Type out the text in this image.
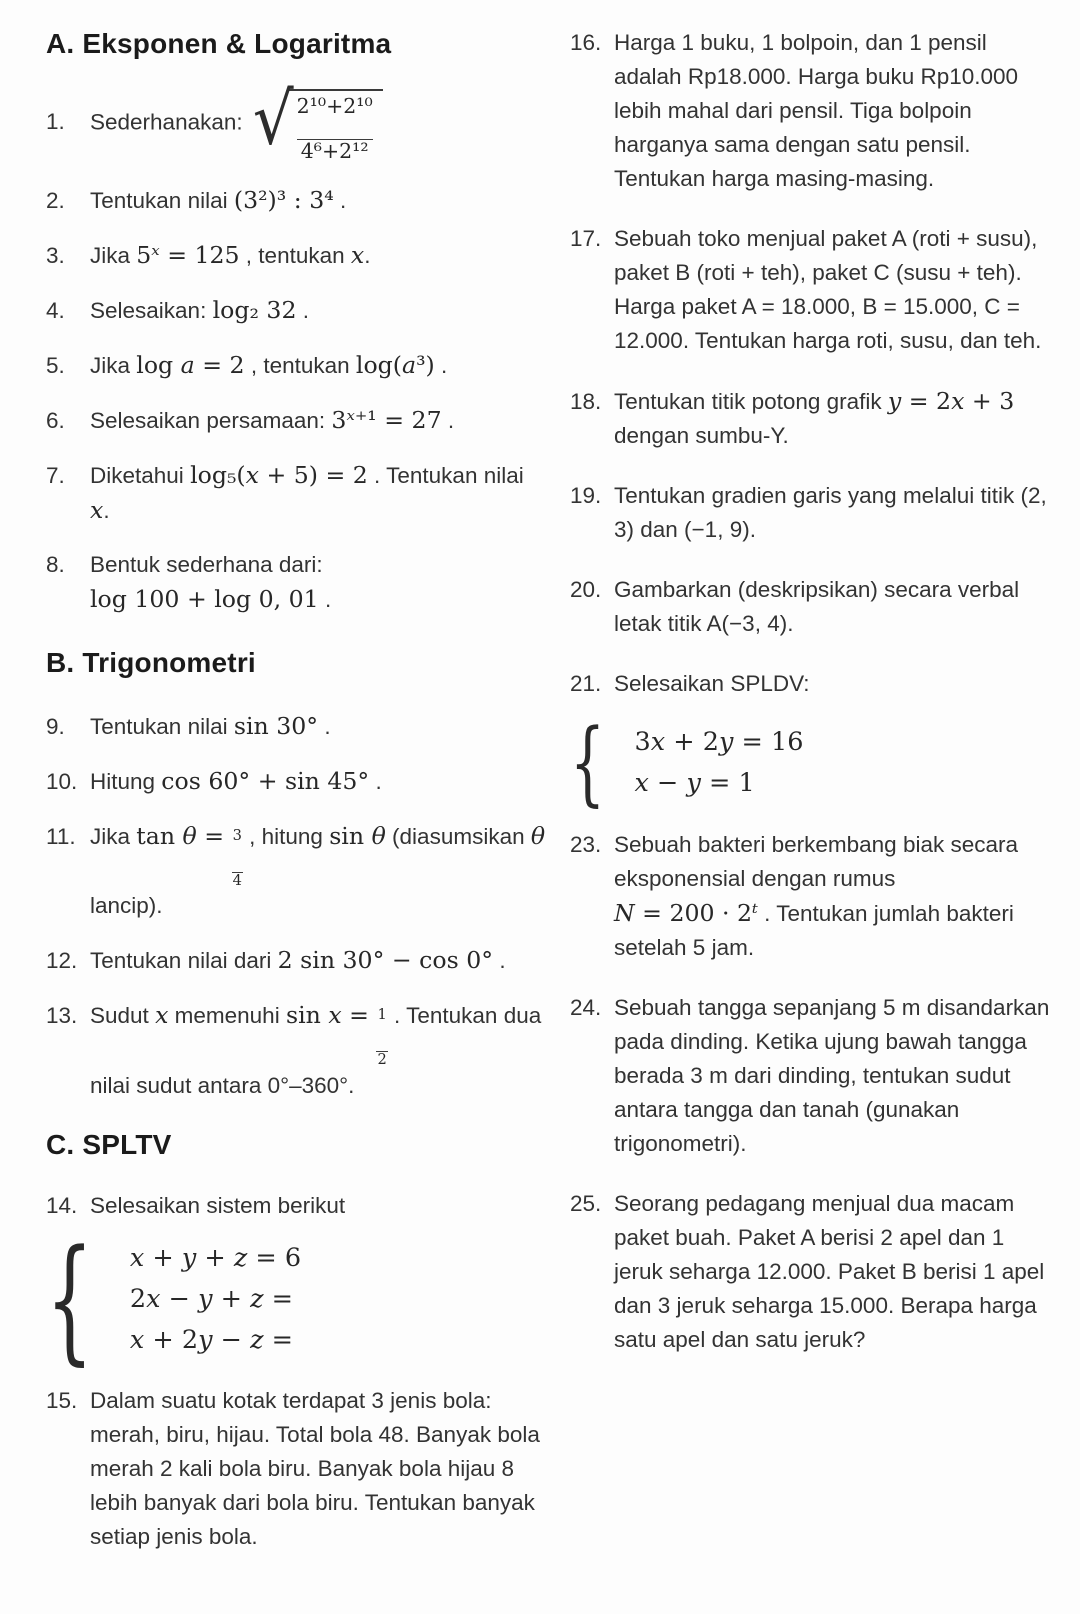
A. Eksponen & Logaritma
1.	Sederhanakan: √ 2¹⁰+2¹⁰
4⁶+2¹²
2.	Tentukan nilai (3²)³ : 3⁴ .
3.	Jika 5ˣ = 125 , tentukan x.
4.	Selesaikan: log₂ 32 .
5.	Jika log a = 2 , tentukan log(a³) .
6.	Selesaikan persamaan: 3ˣ⁺¹ = 27 .
7.	Diketahui log₅(x + 5) = 2 . Tentukan nilai x.
8.	Bentuk sederhana dari:
log 100 + log 0, 01 .
B. Trigonometri
9.	Tentukan nilai sin 30° .
10. Hitung cos 60° + sin 45° .
11. Jika $\tan \theta = \frac{3}{4}$ , hitung sin θ (diasumsikan θ lancip).
12. Tentukan nilai dari 2 sin 30° − cos 0° .
13. Sudut x memenuhi $\sin x = \frac{1}{2}$ . Tentukan dua nilai sudut antara 0°–360°.
C. SPLTV
14. Selesaikan sistem berikut
{ x + y + z = 6
2x − y + z =
x + 2y − z =
15. Dalam suatu kotak terdapat 3 jenis bola: merah, biru, hijau. Total bola 48. Banyak bola merah 2 kali bola biru. Banyak bola hijau 8 lebih banyak dari bola biru. Tentukan banyak setiap jenis bola.
16. Harga 1 buku, 1 bolpoin, dan 1 pensil adalah Rp18.000. Harga buku Rp10.000 lebih mahal dari pensil. Tiga bolpoin harganya sama dengan satu pensil. Tentukan harga masing-masing.
17. Sebuah toko menjual paket A (roti + susu), paket B (roti + teh), paket C (susu + teh). Harga paket A = 18.000, B = 15.000, C = 12.000. Tentukan harga roti, susu, dan teh.
18. Tentukan titik potong grafik y = 2x + 3 dengan sumbu-Y.
19. Tentukan gradien garis yang melalui titik (2, 3) dan (−1, 9).
20. Gambarkan (deskripsikan) secara verbal letak titik A(−3, 4).
21. Selesaikan SPLDV:
{ 3x + 2y = 16
x − y = 1
23. Sebuah bakteri berkembang biak secara eksponensial dengan rumus
N = 200 · 2ᵗ . Tentukan jumlah bakteri setelah 5 jam.
24. Sebuah tangga sepanjang 5 m disandarkan pada dinding. Ketika ujung bawah tangga berada 3 m dari dinding, tentukan sudut antara tangga dan tanah (gunakan trigonometri).
25. Seorang pedagang menjual dua macam paket buah. Paket A berisi 2 apel dan 1 jeruk seharga 12.000. Paket B berisi 1 apel dan 3 jeruk seharga 15.000. Berapa harga satu apel dan satu jeruk?
